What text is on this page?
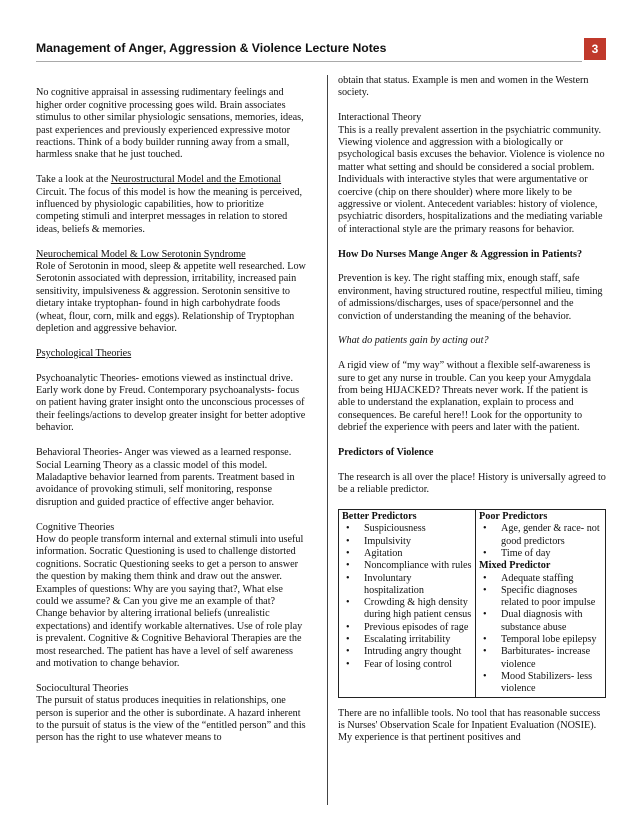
Management of Anger, Aggression & Violence Lecture Notes	3

No cognitive appraisal in assessing rudimentary feelings and higher order cognitive processing goes wild. Brain associates stimulus to other similar physiologic sensations, memories, ideas, past experiences and previously experienced expressive motor reactions. Think of a body builder running away from a small, harmless snake that he just touched.

Take a look at the Neurostructural Model and the Emotional Circuit. The focus of this model is how the meaning is perceived, influenced by physiologic capabilities, how to prioritize competing stimuli and interpret messages in relation to stored ideas, beliefs & memories.

Neurochemical Model & Low Serotonin Syndrome

Role of Serotonin in mood, sleep & appetite well researched. Low Serotonin associated with depression, irritability, increased pain sensitivity, impulsiveness & aggression. Serotonin sensitive to dietary intake tryptophan- found in high carbohydrate foods (wheat, flour, corn, milk and eggs). Relationship of Tryptophan depletion and aggressive behavior.

Psychological Theories

Psychoanalytic Theories- emotions viewed as instinctual drive. Early work done by Freud. Contemporary psychoanalysts- focus on patient having grater insight onto the unconscious processes of their feelings/actions to develop greater insight for better adoptive behavior.

Behavioral Theories- Anger was viewed as a learned response. Social Learning Theory as a classic model of this model. Maladaptive behavior learned from parents. Treatment based in avoidance of provoking stimuli, self monitoring, response disruption and guided practice of effective anger behavior.

Cognitive Theories

How do people transform internal and external stimuli into useful information. Socratic Questioning is used to challenge distorted cognitions. Socratic Questioning seeks to get a person to answer the question by making them think and draw out the answer. Examples of questions: Why are you saying that?, What else could we assume? & Can you give me an example of that? Change behavior by altering irrational beliefs (unrealistic expectations) and identify workable alternatives. Use of role play is prevalent. Cognitive & Cognitive Behavioral Therapies are the most researched. The patient has have a level of self awareness and motivation to change behavior.

Sociocultural Theories

The pursuit of status produces inequities in relationships, one person is superior and the other is subordinate. A hazard inherent to the pursuit of status is the view of the “entitled person” and this person has the right to use whatever means to

obtain that status. Example is men and women in the Western society.

Interactional Theory

This is a really prevalent assertion in the psychiatric community. Viewing violence and aggression with a biologically or psychological basis excuses the behavior. Violence is violence no matter what setting and should be considered a social problem. Individuals with interactive styles that were argumentative or coercive (chip on there shoulder) where more likely to be aggressive or violent. Antecedent variables: history of violence, psychiatric disorders, hospitalizations and the mediating variable of interactional style are the primary reasons for behavior.

How Do Nurses Mange Anger & Aggression in Patients?

Prevention is key. The right staffing mix, enough staff, safe environment, having structured routine, respectful milieu, timing of admissions/discharges, uses of space/personnel and the conviction of understanding the meaning of the behavior.

What do patients gain by acting out?

A rigid view of “my way” without a flexible self-awareness is sure to get any nurse in trouble. Can you keep your Amygdala from being HIJACKED? Threats never work. If the patient is able to understand the explanation, explain to process and consequences. Be careful here!! Look for the opportunity to debrief the experience with peers and later with the patient.

Predictors of Violence

The research is all over the place! History is universally agreed to be a reliable predictor.

Better Predictors
• Suspiciousness
• Impulsivity
• Agitation
• Noncompliance with rules
• Involuntary hospitalization
• Crowding & high density during high patient census
• Previous episodes of rage
• Escalating irritability
• Intruding angry thought
• Fear of losing control

Poor Predictors
• Age, gender & race- not good predictors
• Time of day
Mixed Predictor
• Adequate staffing
• Specific diagnoses related to poor impulse
• Dual diagnosis with substance abuse
• Temporal lobe epilepsy
• Barbiturates- increase violence
• Mood Stabilizers- less violence

There are no infallible tools. No tool that has reasonable success is Nurses' Observation Scale for Inpatient Evaluation (NOSIE). My experience is that pertinent positives and
